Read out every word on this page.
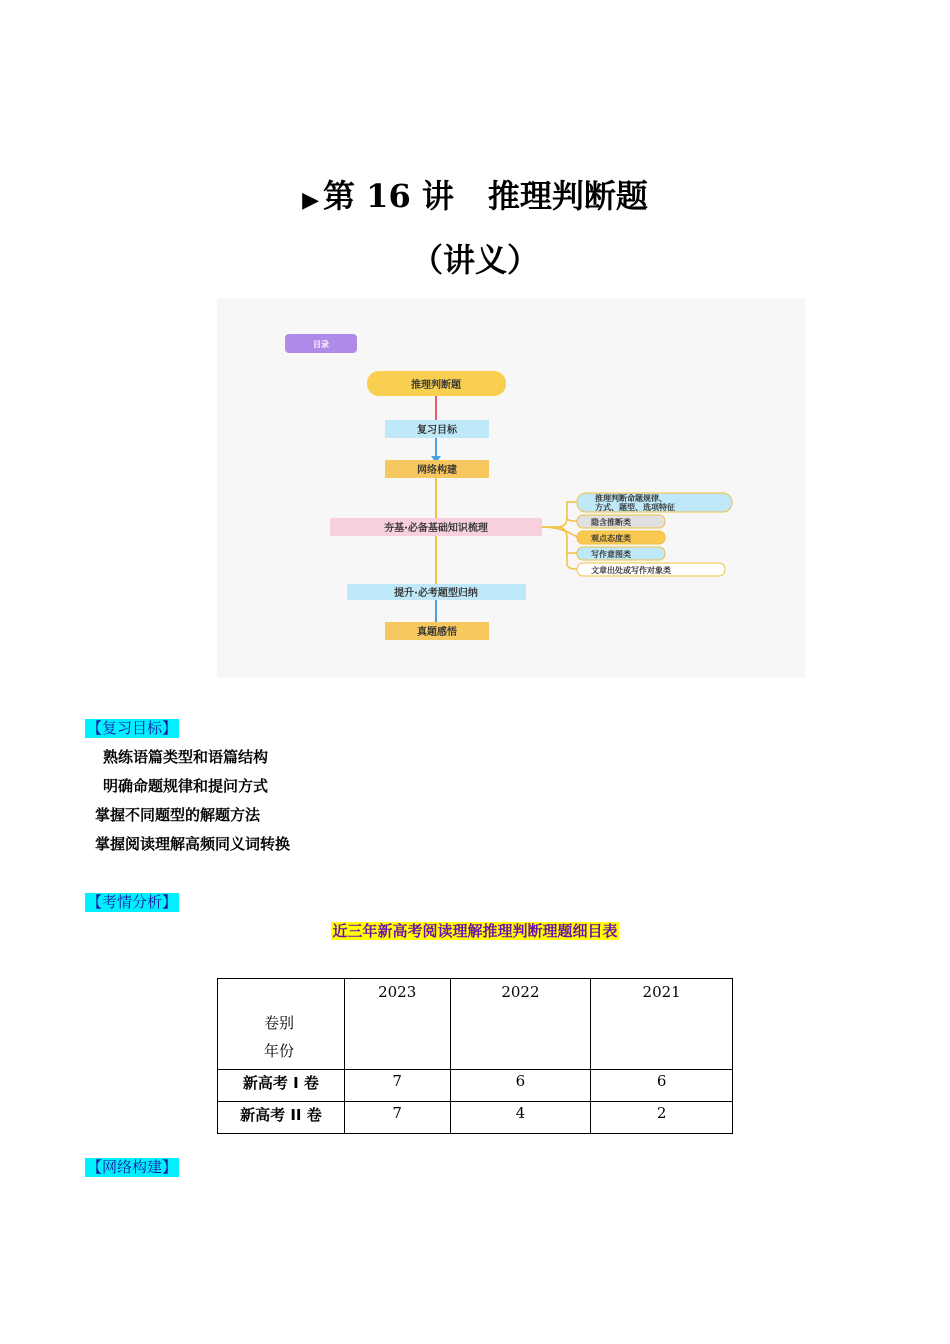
▶ 第 16 讲 推理判断题
（讲义）
目录
推理判断题
复习目标
网络构建
夯基·必备基础知识梳理
提升·必考题型归纳
真题感悟
推理判断命题规律、
方式、题型、选项特征
隐含推断类
观点态度类
写作意图类
文章出处或写作对象类
【复习目标】
熟练语篇类型和语篇结构
明确命题规律和提问方式
掌握不同题型的解题方法
掌握阅读理解高频同义词转换
【考情分析】
近三年新高考阅读理解推理判断理题细目表
卷别
年份	2023	2022	2021
新高考 I 卷	7	6	6
新高考 II 卷	7	4	2
【网络构建】
